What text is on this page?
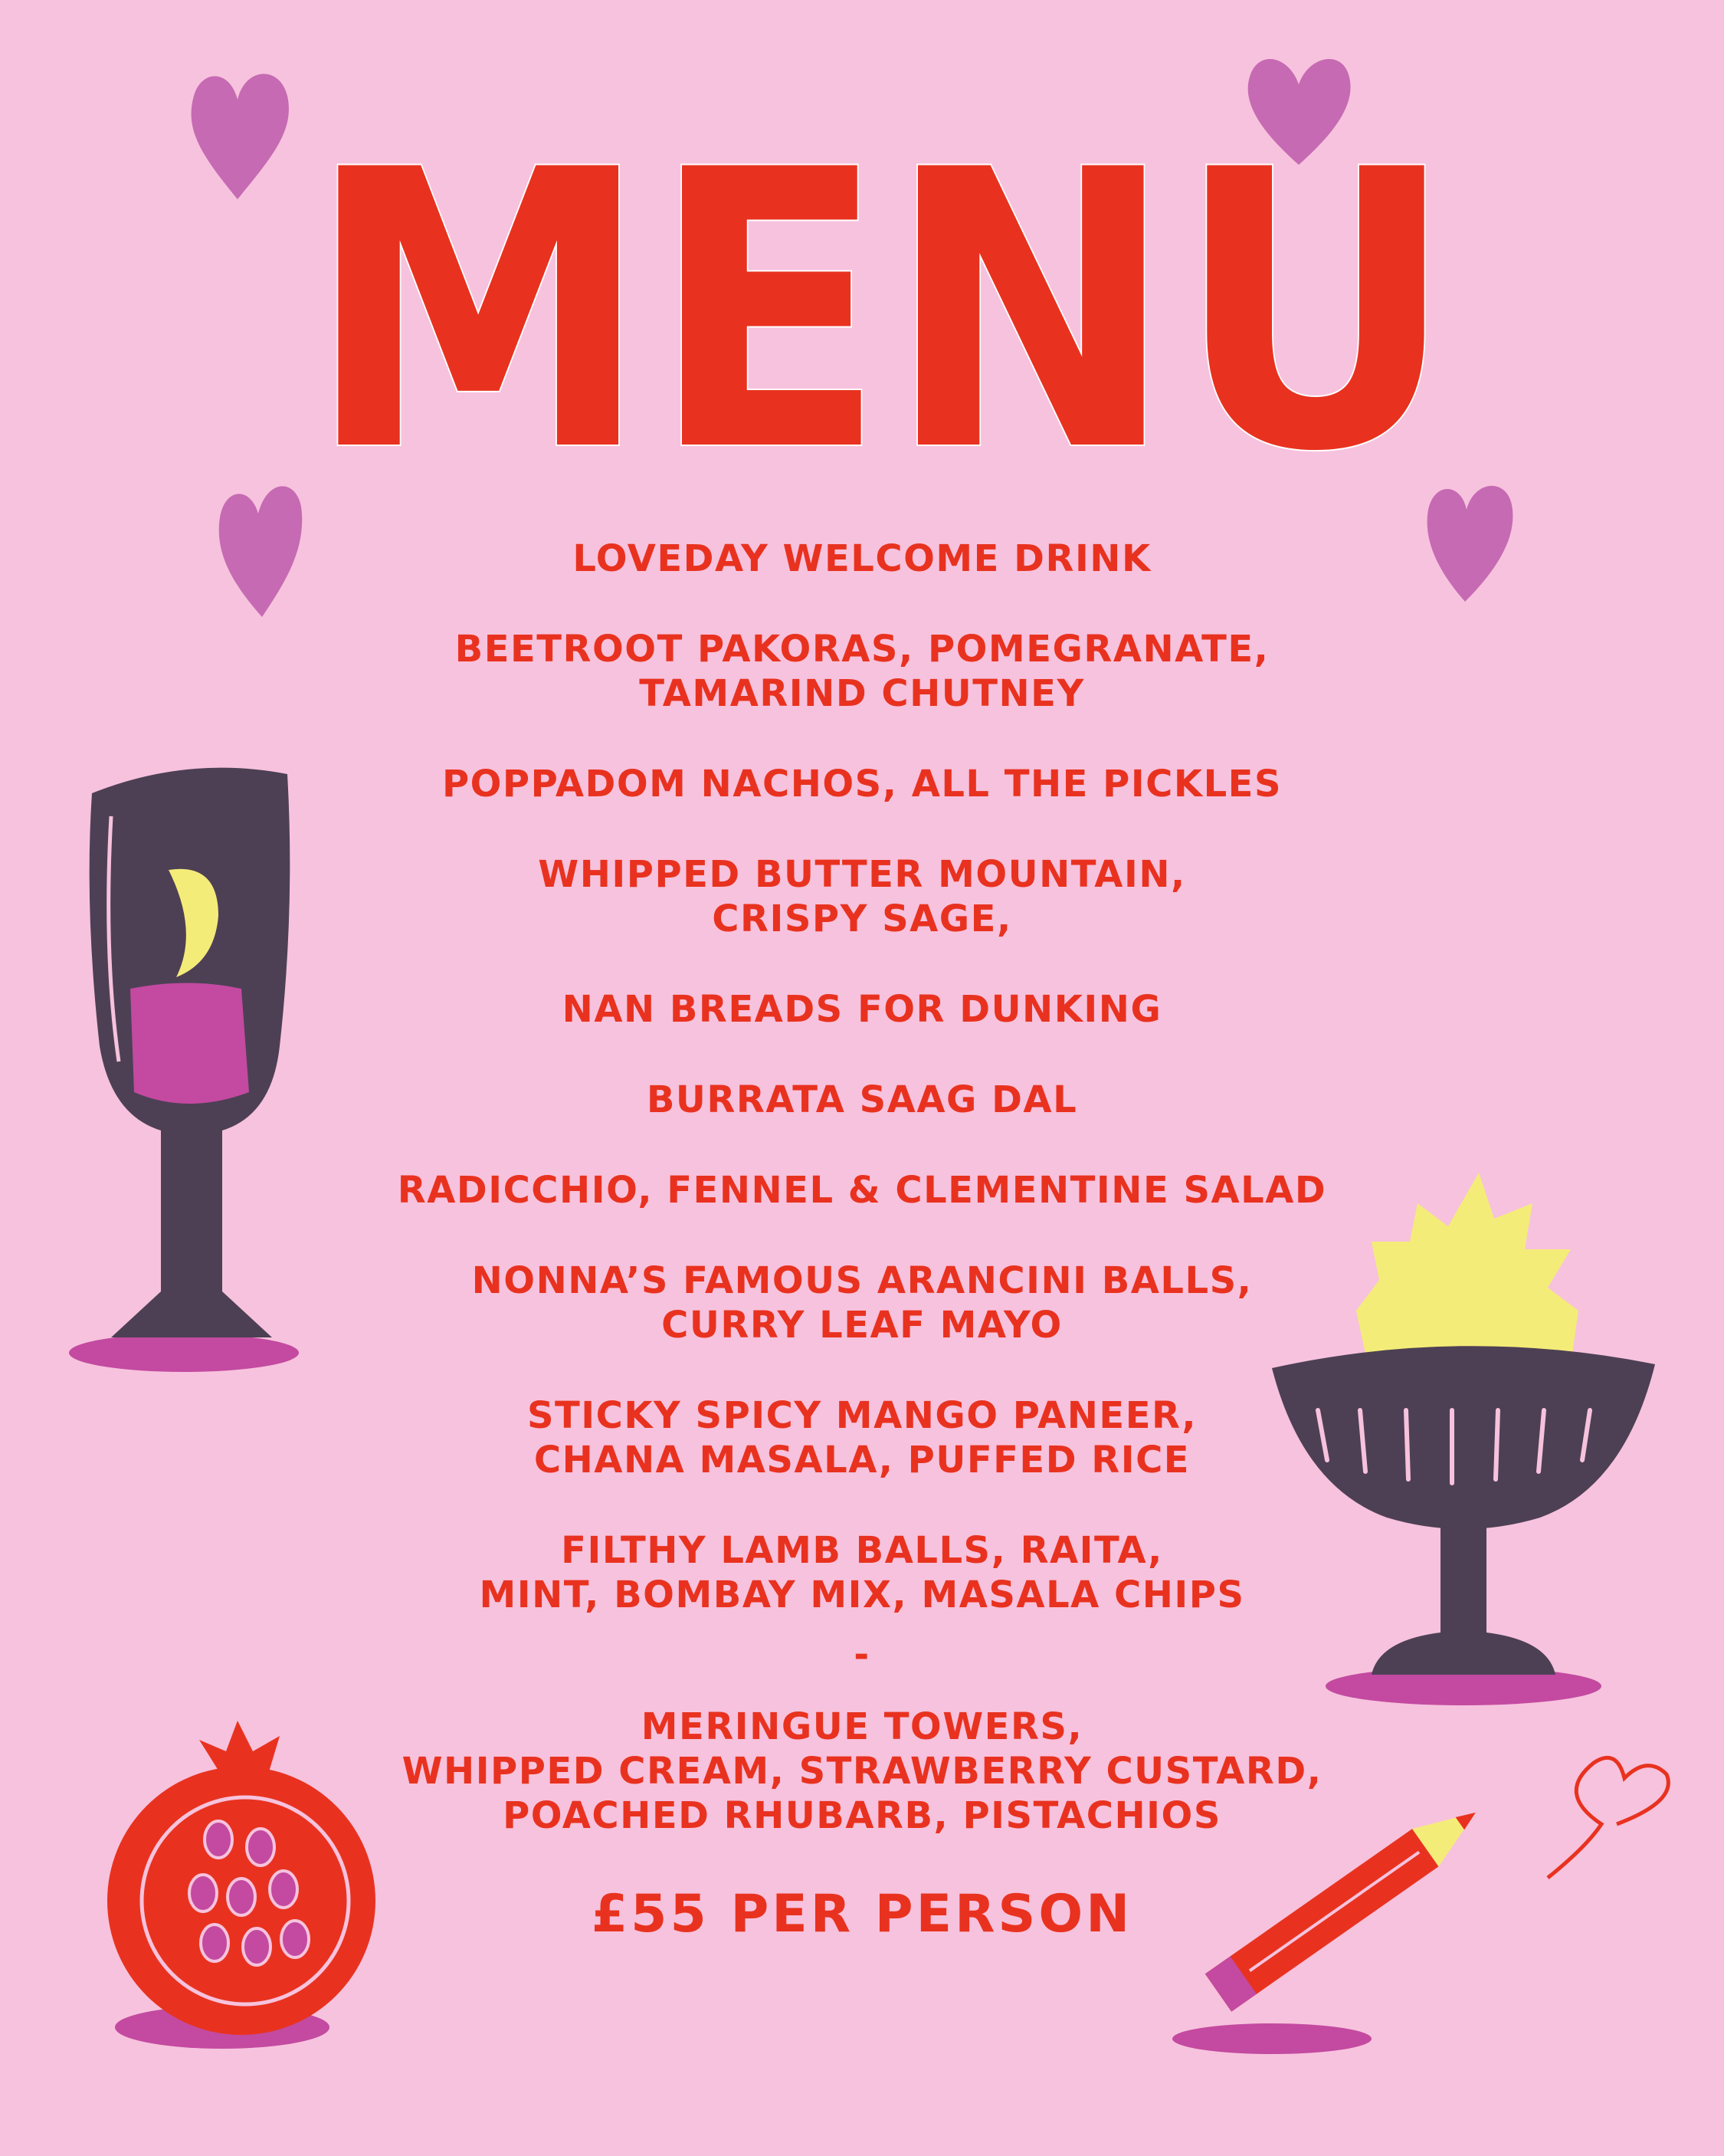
MENU
LOVEDAY WELCOME DRINK
BEETROOT PAKORAS, POMEGRANATE,
TAMARIND CHUTNEY
POPPADOM NACHOS, ALL THE PICKLES
WHIPPED BUTTER MOUNTAIN,
CRISPY SAGE,
NAN BREADS FOR DUNKING
BURRATA SAAG DAL
RADICCHIO, FENNEL & CLEMENTINE SALAD
NONNA’S FAMOUS ARANCINI BALLS,
CURRY LEAF MAYO
STICKY SPICY MANGO PANEER,
CHANA MASALA, PUFFED RICE
FILTHY LAMB BALLS, RAITA,
MINT, BOMBAY MIX, MASALA CHIPS
-
MERINGUE TOWERS,
WHIPPED CREAM, STRAWBERRY CUSTARD,
POACHED RHUBARB, PISTACHIOS
£55 PER PERSON
